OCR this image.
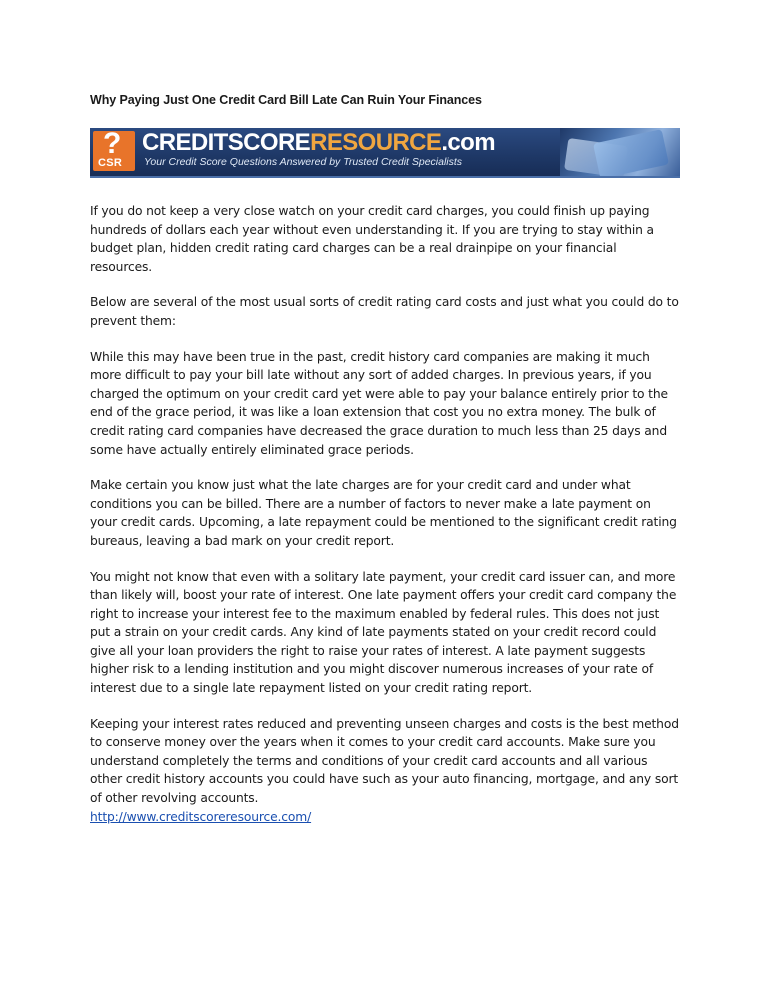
Why Paying Just One Credit Card Bill Late Can Ruin Your Finances
?
CSR
CREDITSCORERESOURCE.com
Your Credit Score Questions Answered by Trusted Credit Specialists

If you do not keep a very close watch on your credit card charges, you could finish up paying hundreds of dollars each year without even understanding it. If you are trying to stay within a budget plan, hidden credit rating card charges can be a real drainpipe on your financial resources.

Below are several of the most usual sorts of credit rating card costs and just what you could do to prevent them:

While this may have been true in the past, credit history card companies are making it much more difficult to pay your bill late without any sort of added charges. In previous years, if you charged the optimum on your credit card yet were able to pay your balance entirely prior to the end of the grace period, it was like a loan extension that cost you no extra money. The bulk of credit rating card companies have decreased the grace duration to much less than 25 days and some have actually entirely eliminated grace periods.

Make certain you know just what the late charges are for your credit card and under what conditions you can be billed. There are a number of factors to never make a late payment on your credit cards. Upcoming, a late repayment could be mentioned to the significant credit rating bureaus, leaving a bad mark on your credit report.

You might not know that even with a solitary late payment, your credit card issuer can, and more than likely will, boost your rate of interest. One late payment offers your credit card company the right to increase your interest fee to the maximum enabled by federal rules. This does not just put a strain on your credit cards. Any kind of late payments stated on your credit record could give all your loan providers the right to raise your rates of interest. A late payment suggests higher risk to a lending institution and you might discover numerous increases of your rate of interest due to a single late repayment listed on your credit rating report.

Keeping your interest rates reduced and preventing unseen charges and costs is the best method to conserve money over the years when it comes to your credit card accounts. Make sure you understand completely the terms and conditions of your credit card accounts and all various other credit history accounts you could have such as your auto financing, mortgage, and any sort of other revolving accounts.

http://www.creditscoreresource.com/
